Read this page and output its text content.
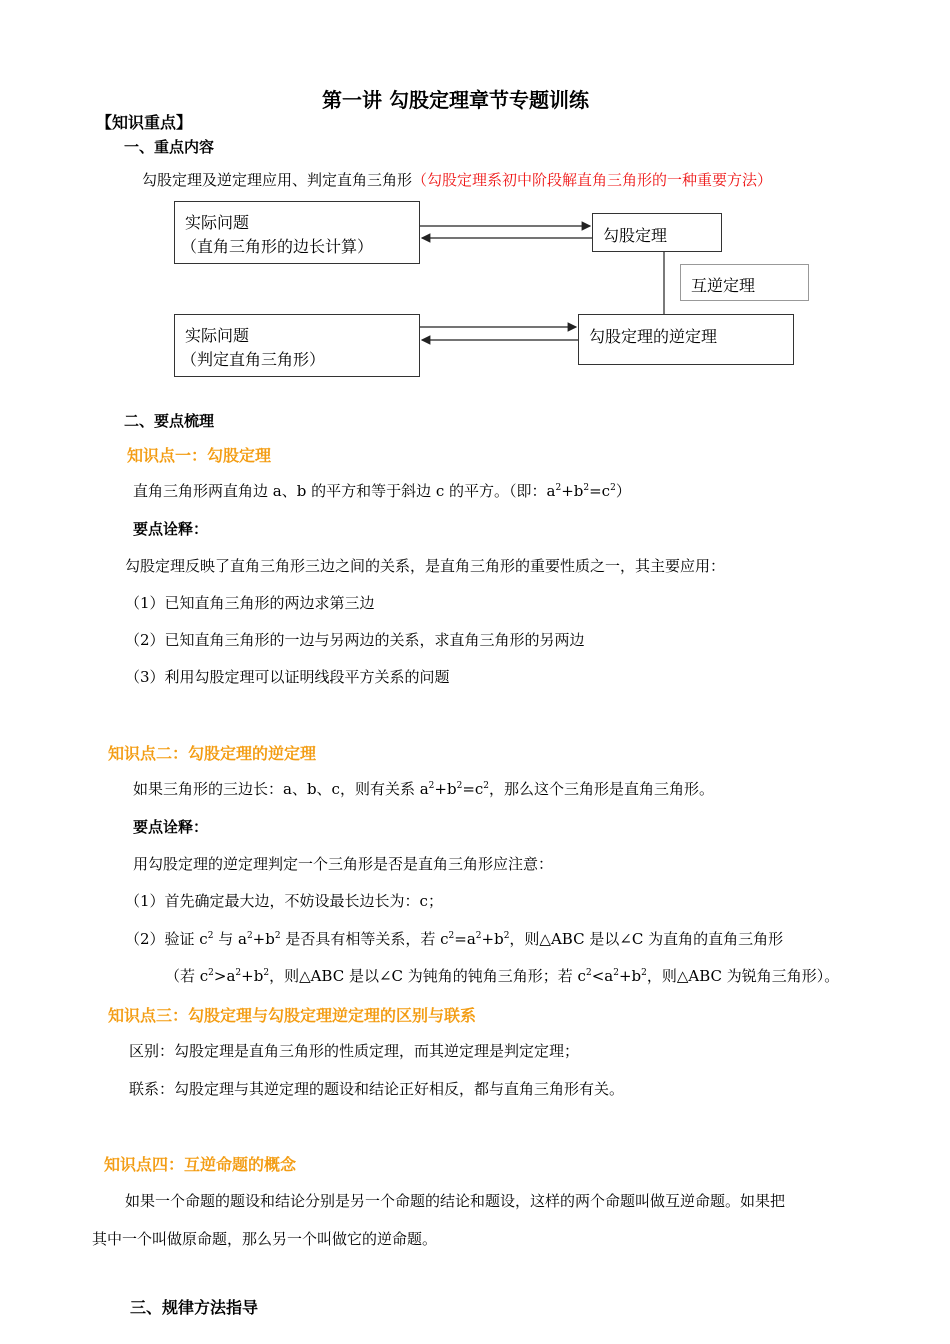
第一讲 勾股定理章节专题训练
【知识重点】
一、重点内容
勾股定理及逆定理应用、判定直角三角形（勾股定理系初中阶段解直角三角形的一种重要方法）
实际问题
（直角三角形的边长计算）
勾股定理
互逆定理
实际问题
（判定直角三角形）
勾股定理的逆定理
二、要点梳理
知识点一：勾股定理
直角三角形两直角边 a、b 的平方和等于斜边 c 的平方。（即：$a^2+b^2=c^2$）
要点诠释：
勾股定理反映了直角三角形三边之间的关系，是直角三角形的重要性质之一，其主要应用：
（1）已知直角三角形的两边求第三边
（2）已知直角三角形的一边与另两边的关系，求直角三角形的另两边
（3）利用勾股定理可以证明线段平方关系的问题
知识点二：勾股定理的逆定理
如果三角形的三边长：a、b、c，则有关系 $a^2+b^2=c^2$，那么这个三角形是直角三角形。
要点诠释：
用勾股定理的逆定理判定一个三角形是否是直角三角形应注意：
（1）首先确定最大边，不妨设最长边长为：c；
（2）验证 $c^2$ 与 $a^2+b^2$ 是否具有相等关系，若 $c^2=a^2+b^2$，则△ABC 是以∠C 为直角的直角三角形
（若 $c^2>a^2+b^2$，则△ABC 是以∠C 为钝角的钝角三角形；若 $c^2<a^2+b^2$，则△ABC 为锐角三角形）。
知识点三：勾股定理与勾股定理逆定理的区别与联系
区别：勾股定理是直角三角形的性质定理，而其逆定理是判定定理；
联系：勾股定理与其逆定理的题设和结论正好相反，都与直角三角形有关。
知识点四：互逆命题的概念
如果一个命题的题设和结论分别是另一个命题的结论和题设，这样的两个命题叫做互逆命题。如果把
其中一个叫做原命题，那么另一个叫做它的逆命题。
三、规律方法指导
